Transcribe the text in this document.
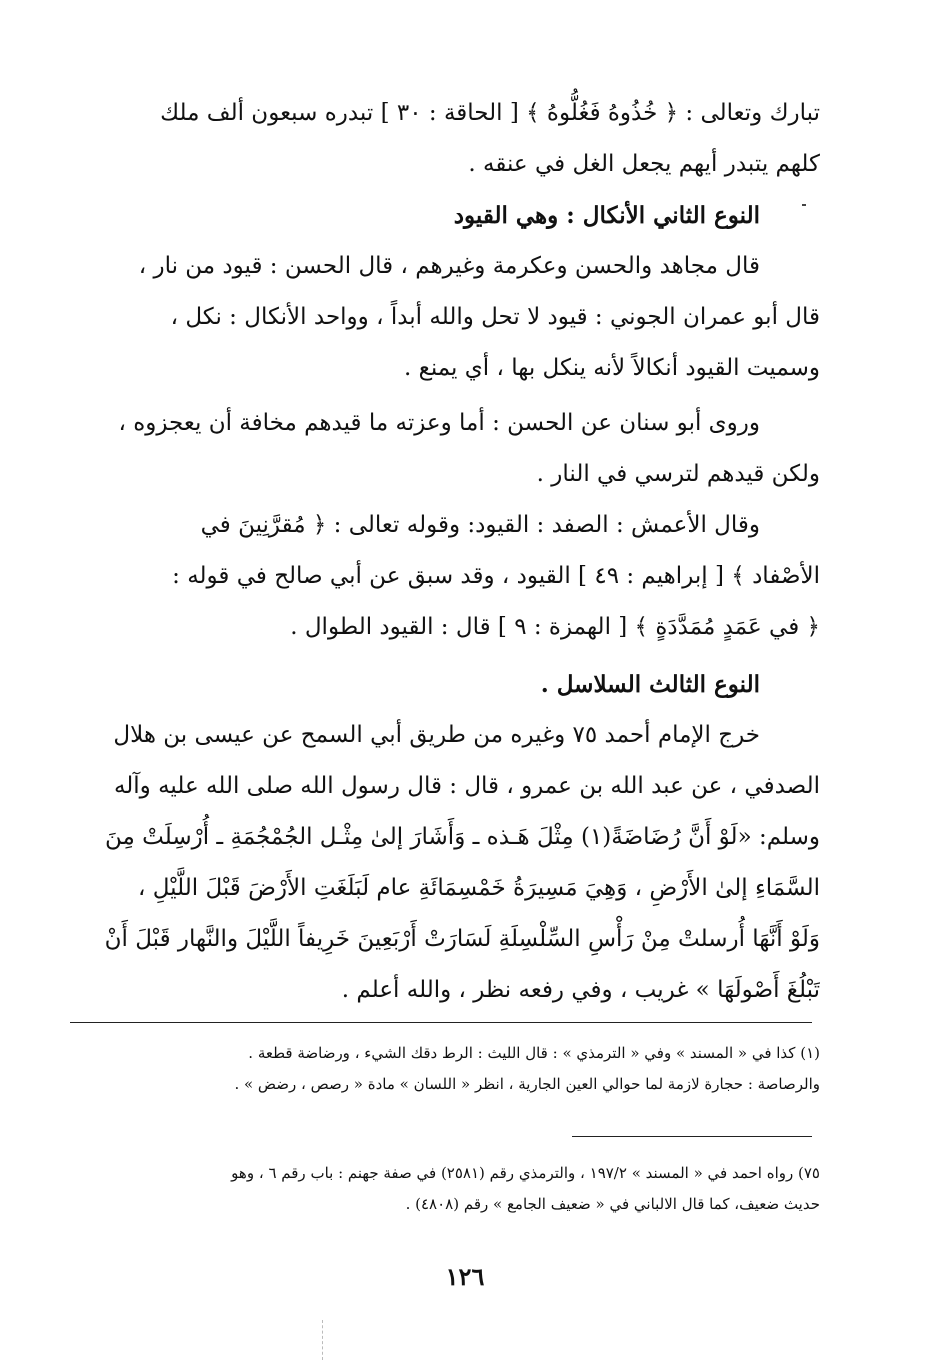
تبارك وتعالى : ﴿ خُذُوهُ فَغُلُّوهُ ﴾ [ الحاقة : ٣٠ ] تبدره سبعون ألف ملك
كلهم يتبدر أيهم يجعل الغل في عنقه .
النوع الثاني الأنكال : وهي القيود
قال مجاهد والحسن وعكرمة وغيرهم ، قال الحسن : قيود من نار ،
قال أبو عمران الجوني : قيود لا تحل والله أبداً ، وواحد الأنكال : نكل ،
وسميت القيود أنكالاً لأنه ينكل بها ، أي يمنع .
وروى أبو سنان عن الحسن : أما وعزته ما قيدهم مخافة أن يعجزوه ،
ولكن قيدهم لترسي في النار .
وقال الأعمش : الصفد : القيود: وقوله تعالى : ﴿ مُقرَّنِينَ في
الأصْفاد ﴾ [ إبراهيم : ٤٩ ] القيود ، وقد سبق عن أبي صالح في قوله :
﴿ في عَمَدٍ مُمَدَّدَةٍ ﴾ [ الهمزة : ٩ ] قال : القيود الطوال .
النوع الثالث السلاسل .
خرج الإمام أحمد ٧٥ وغيره من طريق أبي السمح عن عيسى بن هلال
الصدفي ، عن عبد الله بن عمرو ، قال : قال رسول الله صلى الله عليه وآله
وسلم: «لَوْ أَنَّ رُضَاضَةً(١) مِثْلَ هَـذه ـ وَأَشَارَ إلىٰ مِثْـل الجُمْجُمَةِ ـ أُرْسِلَتْ مِنَ
السَّمَاءِ إلىٰ الأَرْضِ ، وَهِيَ مَسِيرَةُ خَمْسِمَائَةِ عام لَبَلَغَتِ الأَرْضَ قَبْلَ اللَّيْلِ ،
وَلَوْ أَنَّهَا أُرسلتْ مِنْ رَأْسِ السِّلْسِلَةِ لَسَارَتْ أَرْبَعِينَ خَرِيفاً اللَّيْلَ والنَّهار قَبْلَ أَنْ
تَبْلُغَ أَصْولَهَا » غريب ، وفي رفعه نظر ، والله أعلم .
(١) كذا في « المسند » وفي « الترمذي » : قال الليث : الرط دقك الشيء ، ورضاضة قطعة .
والرصاصة : حجارة لازمة لما حوالي العين الجارية ، انظر « اللسان » مادة « رصص ، رضض » .
٧٥) رواه احمد في « المسند » ١٩٧/٢ ، والترمذي رقم (٢٥٨١) في صفة جهنم : باب رقم ٦ ، وهو
حديث ضعيف، كما قال الالباني في « ضعيف الجامع » رقم (٤٨٠٨) .
١٢٦
